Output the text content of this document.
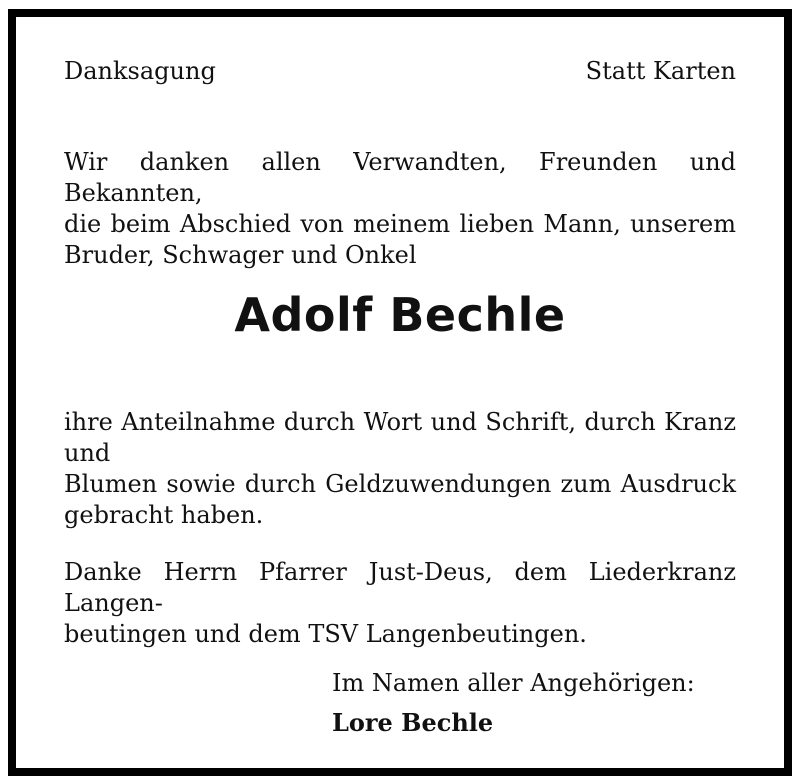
Danksagung	Statt Karten
Wir danken allen Verwandten, Freunden und Bekannten,
die beim Abschied von meinem lieben Mann, unserem
Bruder, Schwager und Onkel
Adolf Bechle
ihre Anteilnahme durch Wort und Schrift, durch Kranz und
Blumen sowie durch Geldzuwendungen zum Ausdruck
gebracht haben.
Danke Herrn Pfarrer Just-Deus, dem Liederkranz Langen-
beutingen und dem TSV Langenbeutingen.
Im Namen aller Angehörigen:
Lore Bechle
